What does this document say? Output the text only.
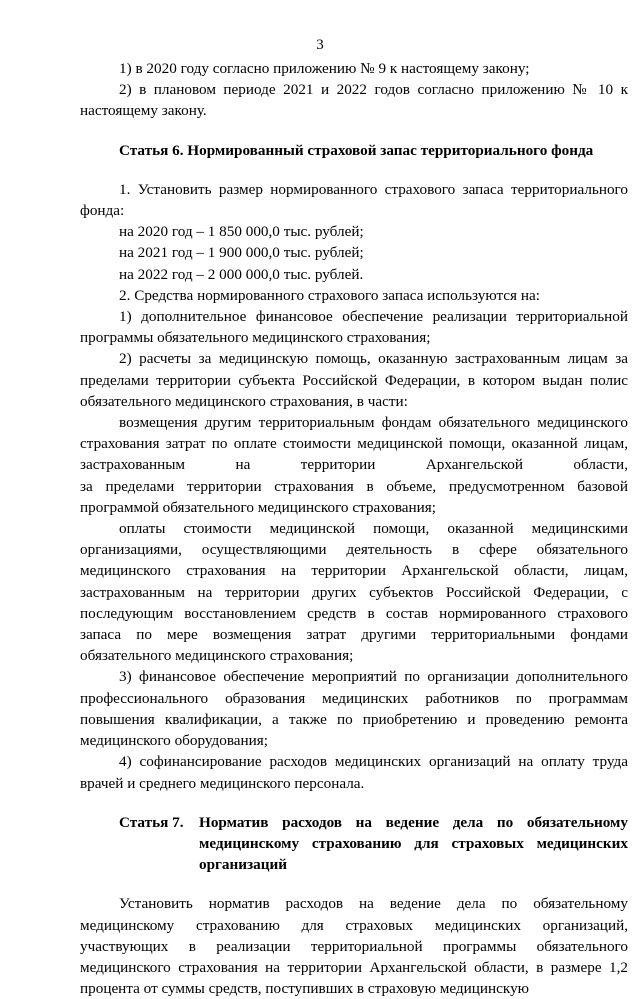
3

1) в 2020 году согласно приложению № 9 к настоящему закону;

2) в плановом периоде 2021 и 2022 годов согласно приложению № 10 к настоящему закону.

Статья 6. Нормированный страховой запас территориального фонда

1. Установить размер нормированного страхового запаса территориального фонда:

на 2020 год – 1 850 000,0 тыс. рублей;

на 2021 год – 1 900 000,0 тыс. рублей;

на 2022 год – 2 000 000,0 тыс. рублей.

2. Средства нормированного страхового запаса используются на:

1) дополнительное финансовое обеспечение реализации территориальной программы обязательного медицинского страхования;

2) расчеты за медицинскую помощь, оказанную застрахованным лицам за пределами территории субъекта Российской Федерации, в котором выдан полис обязательного медицинского страхования, в части:

возмещения другим территориальным фондам обязательного медицинского страхования затрат по оплате стоимости медицинской помощи, оказанной лицам, застрахованным на территории Архангельской области,

за пределами территории страхования в объеме, предусмотренном базовой программой обязательного медицинского страхования;

оплаты стоимости медицинской помощи, оказанной медицинскими организациями, осуществляющими деятельность в сфере обязательного медицинского страхования на территории Архангельской области, лицам, застрахованным на территории других субъектов Российской Федерации, с последующим восстановлением средств в состав нормированного страхового запаса по мере возмещения затрат другими территориальными фондами обязательного медицинского страхования;

3) финансовое обеспечение мероприятий по организации дополнительного профессионального образования медицинских работников по программам повышения квалификации, а также по приобретению и проведению ремонта медицинского оборудования;

4) софинансирование расходов медицинских организаций на оплату труда врачей и среднего медицинского персонала.

Статья 7.	Норматив расходов на ведение дела по обязательному медицинскому страхованию для страховых медицинских организаций

Установить норматив расходов на ведение дела по обязательному медицинскому страхованию для страховых медицинских организаций, участвующих в реализации территориальной программы обязательного медицинского страхования на территории Архангельской области, в размере 1,2 процента от суммы средств, поступивших в страховую медицинскую
